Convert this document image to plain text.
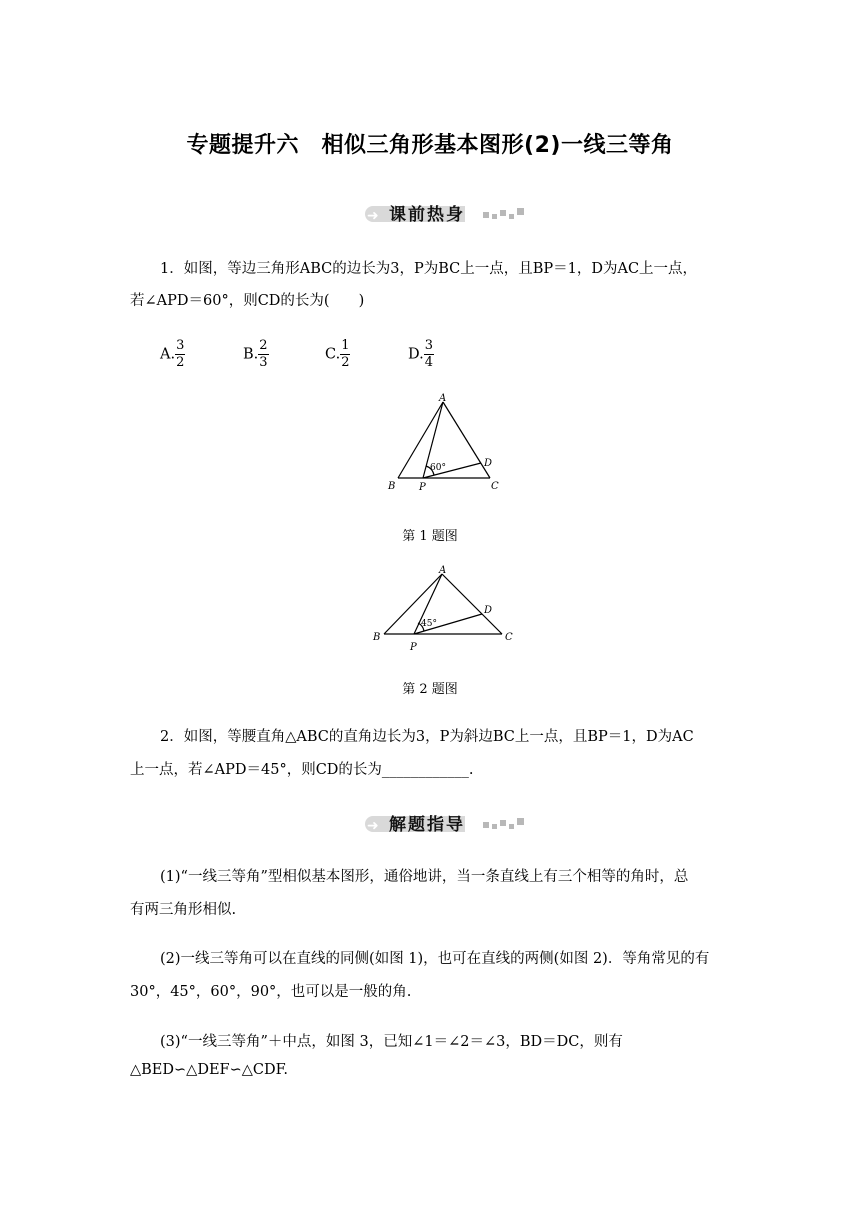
专题提升六　相似三角形基本图形(2)一线三等角
➜ 课前热身
1．如图，等边三角形ABC的边长为3，P为BC上一点，且BP＝1，D为AC上一点，
若∠APD＝60°，则CD的长为(　　)
A. $\frac{3}{2}$	B. $\frac{2}{3}$	C. $\frac{1}{2}$	D. $\frac{3}{4}$
A
B	C
P
D
60°
第 1 题图
A
B	C
P
D
45°
第 2 题图
2．如图，等腰直角△ABC的直角边长为3，P为斜边BC上一点，且BP＝1，D为AC
上一点，若∠APD＝45°，则CD的长为____________.
➜ 解题指导
(1)“一线三等角”型相似基本图形，通俗地讲，当一条直线上有三个相等的角时，总
有两三角形相似.
(2)一线三等角可以在直线的同侧(如图 1)，也可在直线的两侧(如图 2)．等角常见的有
30°，45°，60°，90°，也可以是一般的角.
(3)“一线三等角”＋中点，如图 3，已知∠1＝∠2＝∠3，BD＝DC，则有
△BED∽△DEF∽△CDF.
